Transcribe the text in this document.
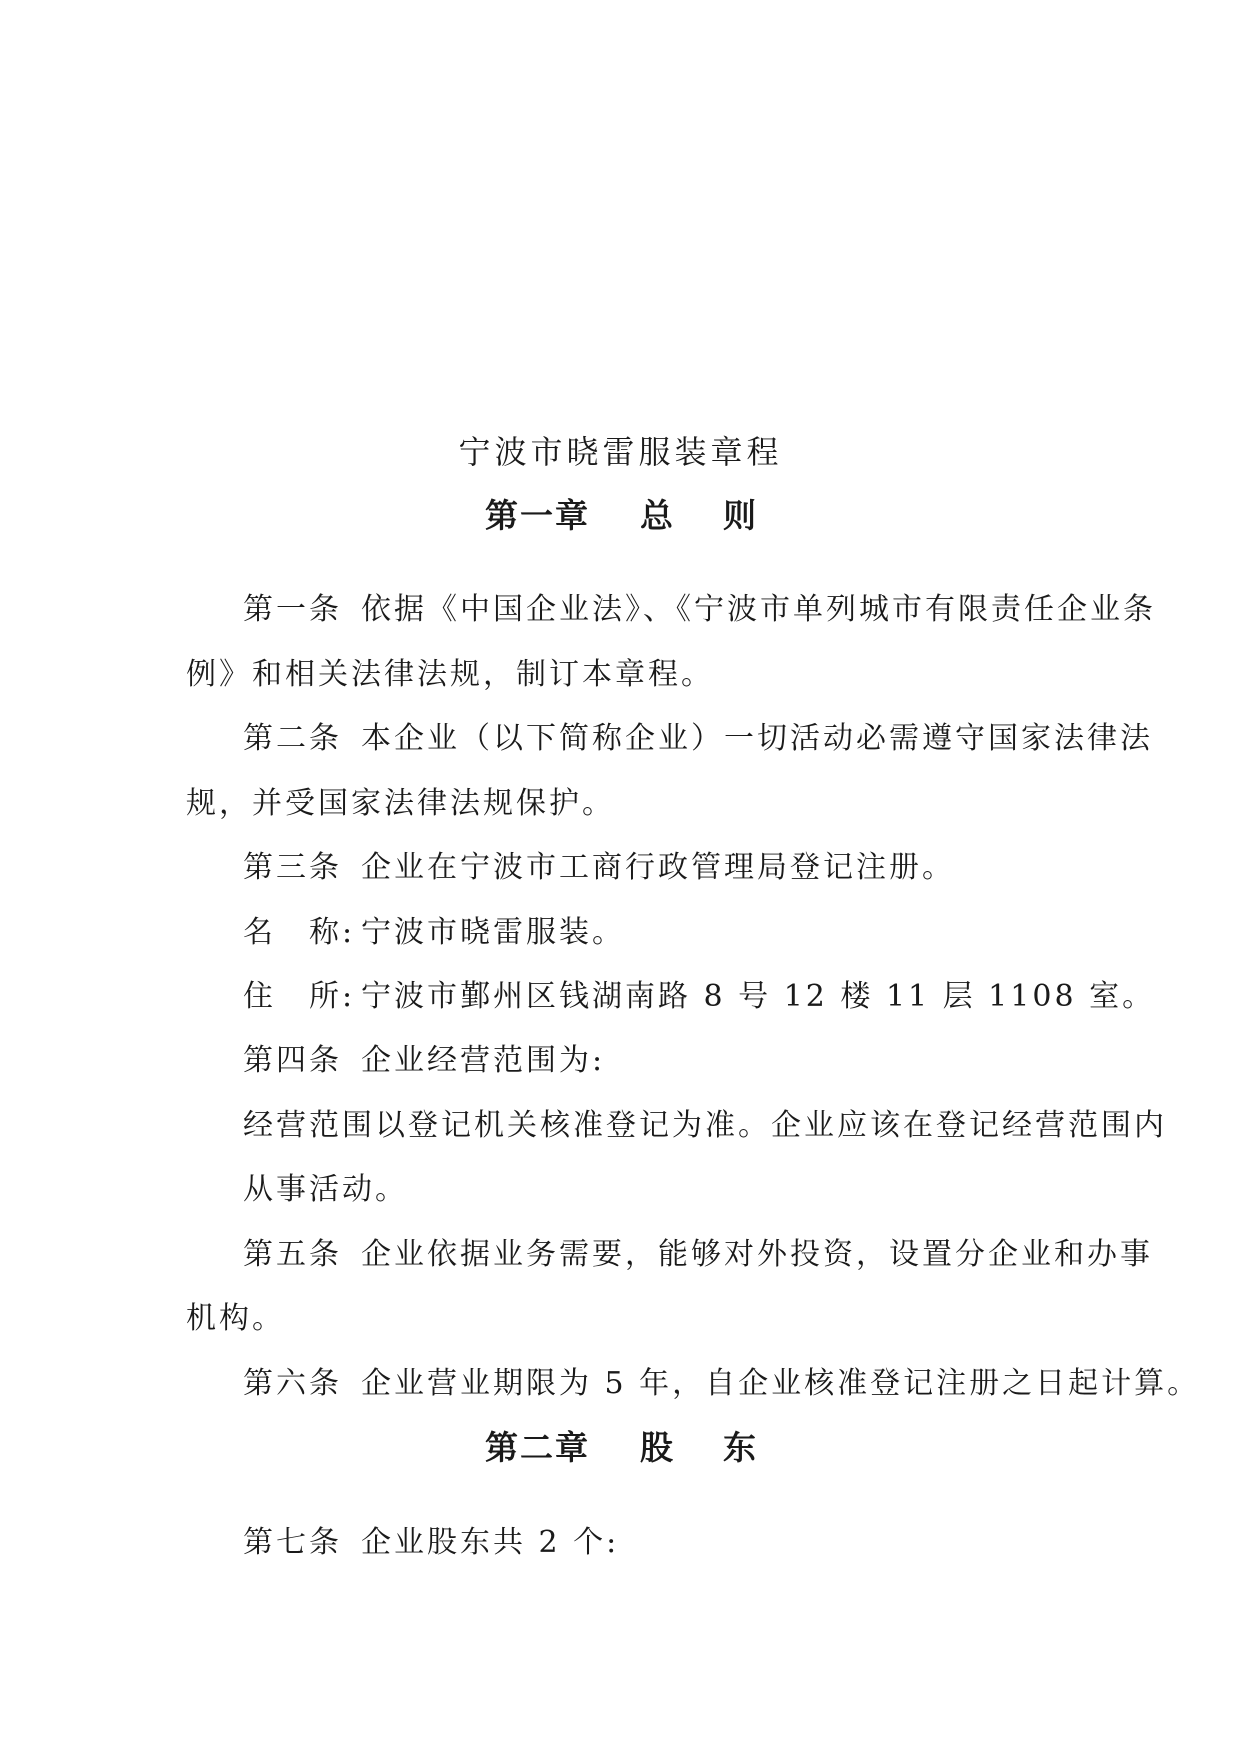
宁波市晓雷服装章程
第一章 总 则
第一条 依据《中国企业法》、《宁波市单列城市有限责任企业条
例》和相关法律法规，制订本章程。
第二条 本企业（以下简称企业）一切活动必需遵守国家法律法
规，并受国家法律法规保护。
第三条 企业在宁波市工商行政管理局登记注册。
名　称: 宁波市晓雷服装。
住　所: 宁波市鄞州区钱湖南路 8 号 12 楼 11 层 1108 室。
第四条 企业经营范围为:
经营范围以登记机关核准登记为准。企业应该在登记经营范围内
从事活动。
第五条 企业依据业务需要，能够对外投资，设置分企业和办事
机构。
第六条 企业营业期限为 5 年，自企业核准登记注册之日起计算。
第二章 股 东
第七条 企业股东共 2 个:
